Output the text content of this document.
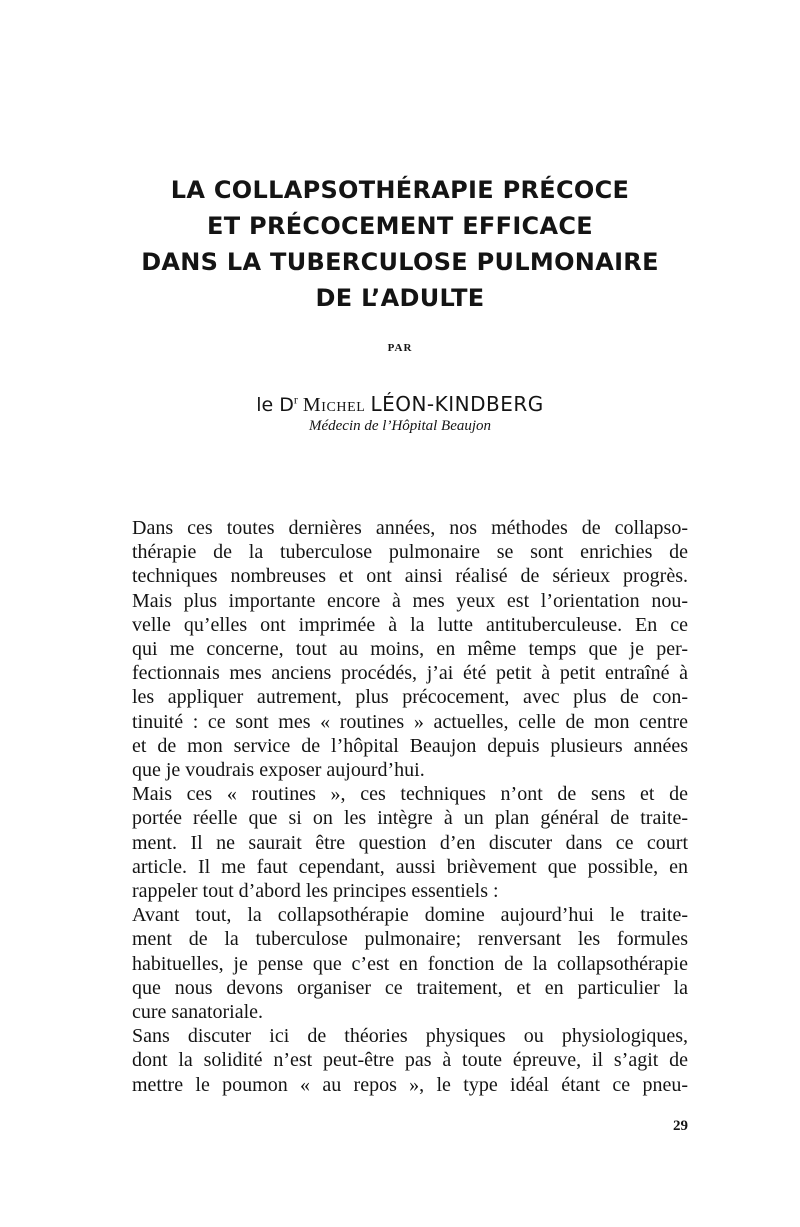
LA COLLAPSOTHÉRAPIE PRÉCOCE
ET PRÉCOCEMENT EFFICACE
DANS LA TUBERCULOSE PULMONAIRE
DE L’ADULTE
PAR
le $D^r$ Michel LÉON-KINDBERG
Médecin de l’Hôpital Beaujon
Dans ces toutes dernières années, nos méthodes de collapso-
thérapie de la tuberculose pulmonaire se sont enrichies de
techniques nombreuses et ont ainsi réalisé de sérieux progrès.
Mais plus importante encore à mes yeux est l’orientation nou-
velle qu’elles ont imprimée à la lutte antituberculeuse. En ce
qui me concerne, tout au moins, en même temps que je per-
fectionnais mes anciens procédés, j’ai été petit à petit entraîné à
les appliquer autrement, plus précocement, avec plus de con-
tinuité : ce sont mes « routines » actuelles, celle de mon centre
et de mon service de l’hôpital Beaujon depuis plusieurs années
que je voudrais exposer aujourd’hui.
Mais ces « routines », ces techniques n’ont de sens et de
portée réelle que si on les intègre à un plan général de traite-
ment. Il ne saurait être question d’en discuter dans ce court
article. Il me faut cependant, aussi brièvement que possible, en
rappeler tout d’abord les principes essentiels :
Avant tout, la collapsothérapie domine aujourd’hui le traite-
ment de la tuberculose pulmonaire; renversant les formules
habituelles, je pense que c’est en fonction de la collapsothérapie
que nous devons organiser ce traitement, et en particulier la
cure sanatoriale.
Sans discuter ici de théories physiques ou physiologiques,
dont la solidité n’est peut-être pas à toute épreuve, il s’agit de
mettre le poumon « au repos », le type idéal étant ce pneu-
29
